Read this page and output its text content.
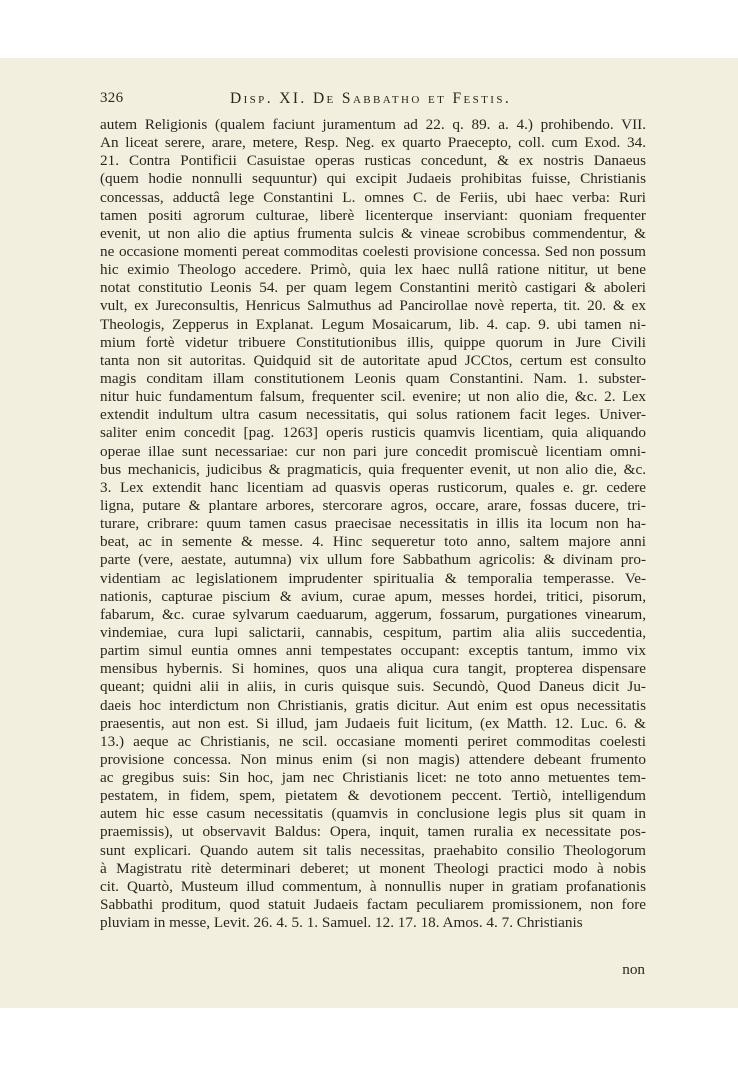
326	Disp. XI. De Sabbatho et Festis.
autem Religionis (qualem faciunt juramentum ad 22. q. 89. a. 4.) prohibendo. VII.
An liceat serere, arare, metere, Resp. Neg. ex quarto Praecepto, coll. cum Exod. 34.
21. Contra Pontificii Casuistae operas rusticas concedunt, & ex nostris Danaeus
(quem hodie nonnulli sequuntur) qui excipit Judaeis prohibitas fuisse, Christianis
concessas, adductâ lege Constantini L. omnes C. de Feriis, ubi haec verba: Ruri
tamen positi agrorum culturae, liberè licenterque inserviant: quoniam frequenter
evenit, ut non alio die aptius frumenta sulcis & vineae scrobibus commendentur, &
ne occasione momenti pereat commoditas coelesti provisione concessa. Sed non possum
hic eximio Theologo accedere. Primò, quia lex haec nullâ ratione nititur, ut bene
notat constitutio Leonis 54. per quam legem Constantini meritò castigari & aboleri
vult, ex Jureconsultis, Henricus Salmuthus ad Pancirollae novè reperta, tit. 20. & ex
Theologis, Zepperus in Explanat. Legum Mosaicarum, lib. 4. cap. 9. ubi tamen ni-
mium fortè videtur tribuere Constitutionibus illis, quippe quorum in Jure Civili
tanta non sit autoritas. Quidquid sit de autoritate apud JCCtos, certum est consulto
magis conditam illam constitutionem Leonis quam Constantini. Nam. 1. subster-
nitur huic fundamentum falsum, frequenter scil. evenire; ut non alio die, &c. 2. Lex
extendit indultum ultra casum necessitatis, qui solus rationem facit leges. Univer-
saliter enim concedit [pag. 1263] operis rusticis quamvis licentiam, quia aliquando
operae illae sunt necessariae: cur non pari jure concedit promiscuè licentiam omni-
bus mechanicis, judicibus & pragmaticis, quia frequenter evenit, ut non alio die, &c.
3. Lex extendit hanc licentiam ad quasvis operas rusticorum, quales e. gr. cedere
ligna, putare & plantare arbores, stercorare agros, occare, arare, fossas ducere, tri-
turare, cribrare: quum tamen casus praecisae necessitatis in illis ita locum non ha-
beat, ac in semente & messe. 4. Hinc sequeretur toto anno, saltem majore anni
parte (vere, aestate, autumna) vix ullum fore Sabbathum agricolis: & divinam pro-
videntiam ac legislationem imprudenter spiritualia & temporalia temperasse. Ve-
nationis, capturae piscium & avium, curae apum, messes hordei, tritici, pisorum,
fabarum, &c. curae sylvarum caeduarum, aggerum, fossarum, purgationes vinearum,
vindemiae, cura lupi salictarii, cannabis, cespitum, partim alia aliis succedentia,
partim simul euntia omnes anni tempestates occupant: exceptis tantum, immo vix
mensibus hybernis. Si homines, quos una aliqua cura tangit, propterea dispensare
queant; quidni alii in aliis, in curis quisque suis. Secundò, Quod Daneus dicit Ju-
daeis hoc interdictum non Christianis, gratis dicitur. Aut enim est opus necessitatis
praesentis, aut non est. Si illud, jam Judaeis fuit licitum, (ex Matth. 12. Luc. 6. &
13.) aeque ac Christianis, ne scil. occasiane momenti periret commoditas coelesti
provisione concessa. Non minus enim (si non magis) attendere debeant frumento
ac gregibus suis: Sin hoc, jam nec Christianis licet: ne toto anno metuentes tem-
pestatem, in fidem, spem, pietatem & devotionem peccent. Tertiò, intelligendum
autem hic esse casum necessitatis (quamvis in conclusione legis plus sit quam in
praemissis), ut observavit Baldus: Opera, inquit, tamen ruralia ex necessitate pos-
sunt explicari. Quando autem sit talis necessitas, praehabito consilio Theologorum
à Magistratu ritè determinari deberet; ut monent Theologi practici modo à nobis
cit. Quartò, Musteum illud commentum, à nonnullis nuper in gratiam profanationis
Sabbathi proditum, quod statuit Judaeis factam peculiarem promissionem, non fore
pluviam in messe, Levit. 26. 4. 5. 1. Samuel. 12. 17. 18. Amos. 4. 7. Christianis
non
